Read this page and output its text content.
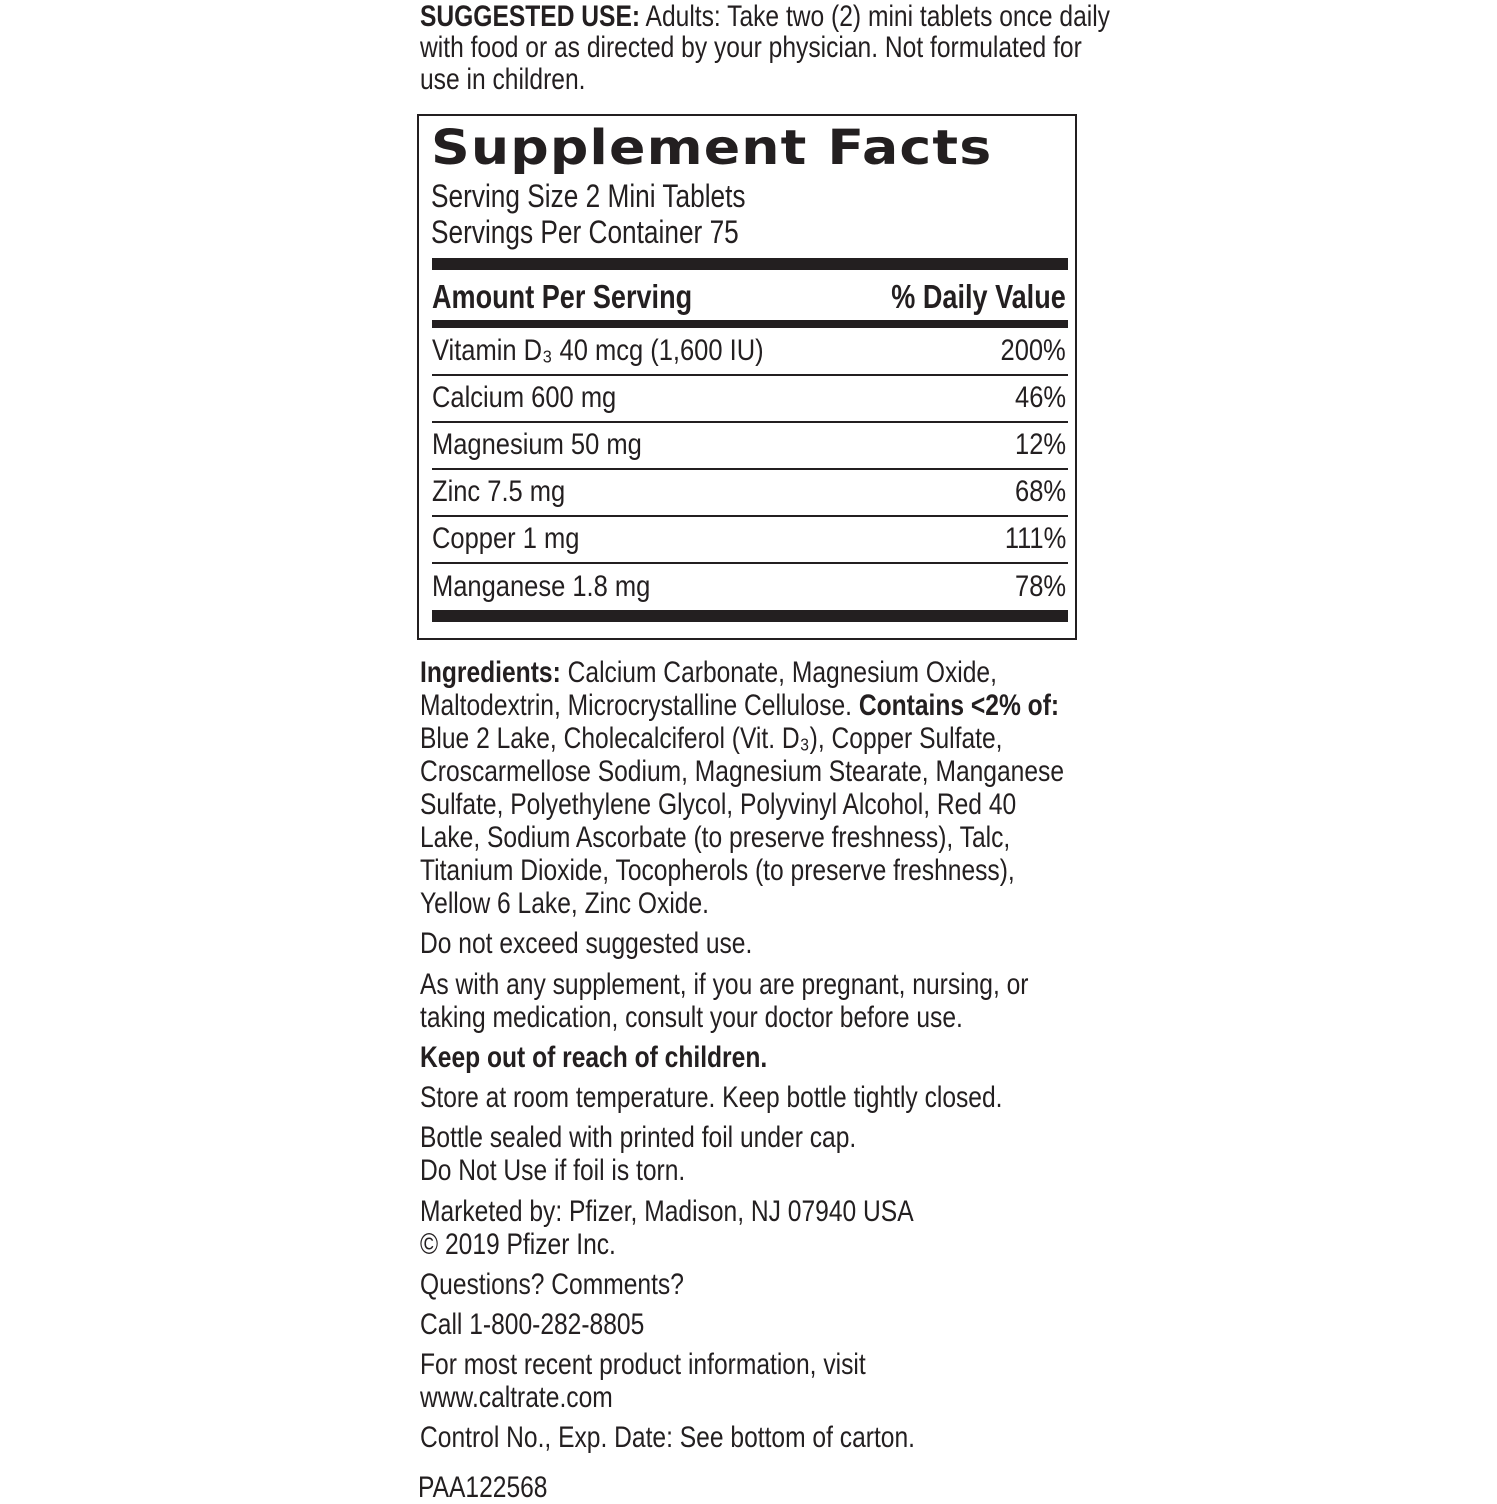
SUGGESTED USE: Adults: Take two (2) mini tablets once daily
with food or as directed by your physician. Not formulated for
use in children.
Supplement Facts
Serving Size 2 Mini Tablets
Servings Per Container 75
Amount Per Serving	% Daily Value
Vitamin D₃ 40 mcg (1,600 IU)	200%
Calcium 600 mg	46%
Magnesium 50 mg	12%
Zinc 7.5 mg	68%
Copper 1 mg	111%
Manganese 1.8 mg	78%
Ingredients: Calcium Carbonate, Magnesium Oxide,
Maltodextrin, Microcrystalline Cellulose. Contains <2% of:
Blue 2 Lake, Cholecalciferol (Vit. D₃), Copper Sulfate,
Croscarmellose Sodium, Magnesium Stearate, Manganese
Sulfate, Polyethylene Glycol, Polyvinyl Alcohol, Red 40
Lake, Sodium Ascorbate (to preserve freshness), Talc,
Titanium Dioxide, Tocopherols (to preserve freshness),
Yellow 6 Lake, Zinc Oxide.
Do not exceed suggested use.
As with any supplement, if you are pregnant, nursing, or
taking medication, consult your doctor before use.
Keep out of reach of children.
Store at room temperature. Keep bottle tightly closed.
Bottle sealed with printed foil under cap.
Do Not Use if foil is torn.
Marketed by: Pfizer, Madison, NJ 07940 USA
© 2019 Pfizer Inc.
Questions? Comments?
Call 1-800-282-8805
For most recent product information, visit
www.caltrate.com
Control No., Exp. Date: See bottom of carton.
PAA122568
